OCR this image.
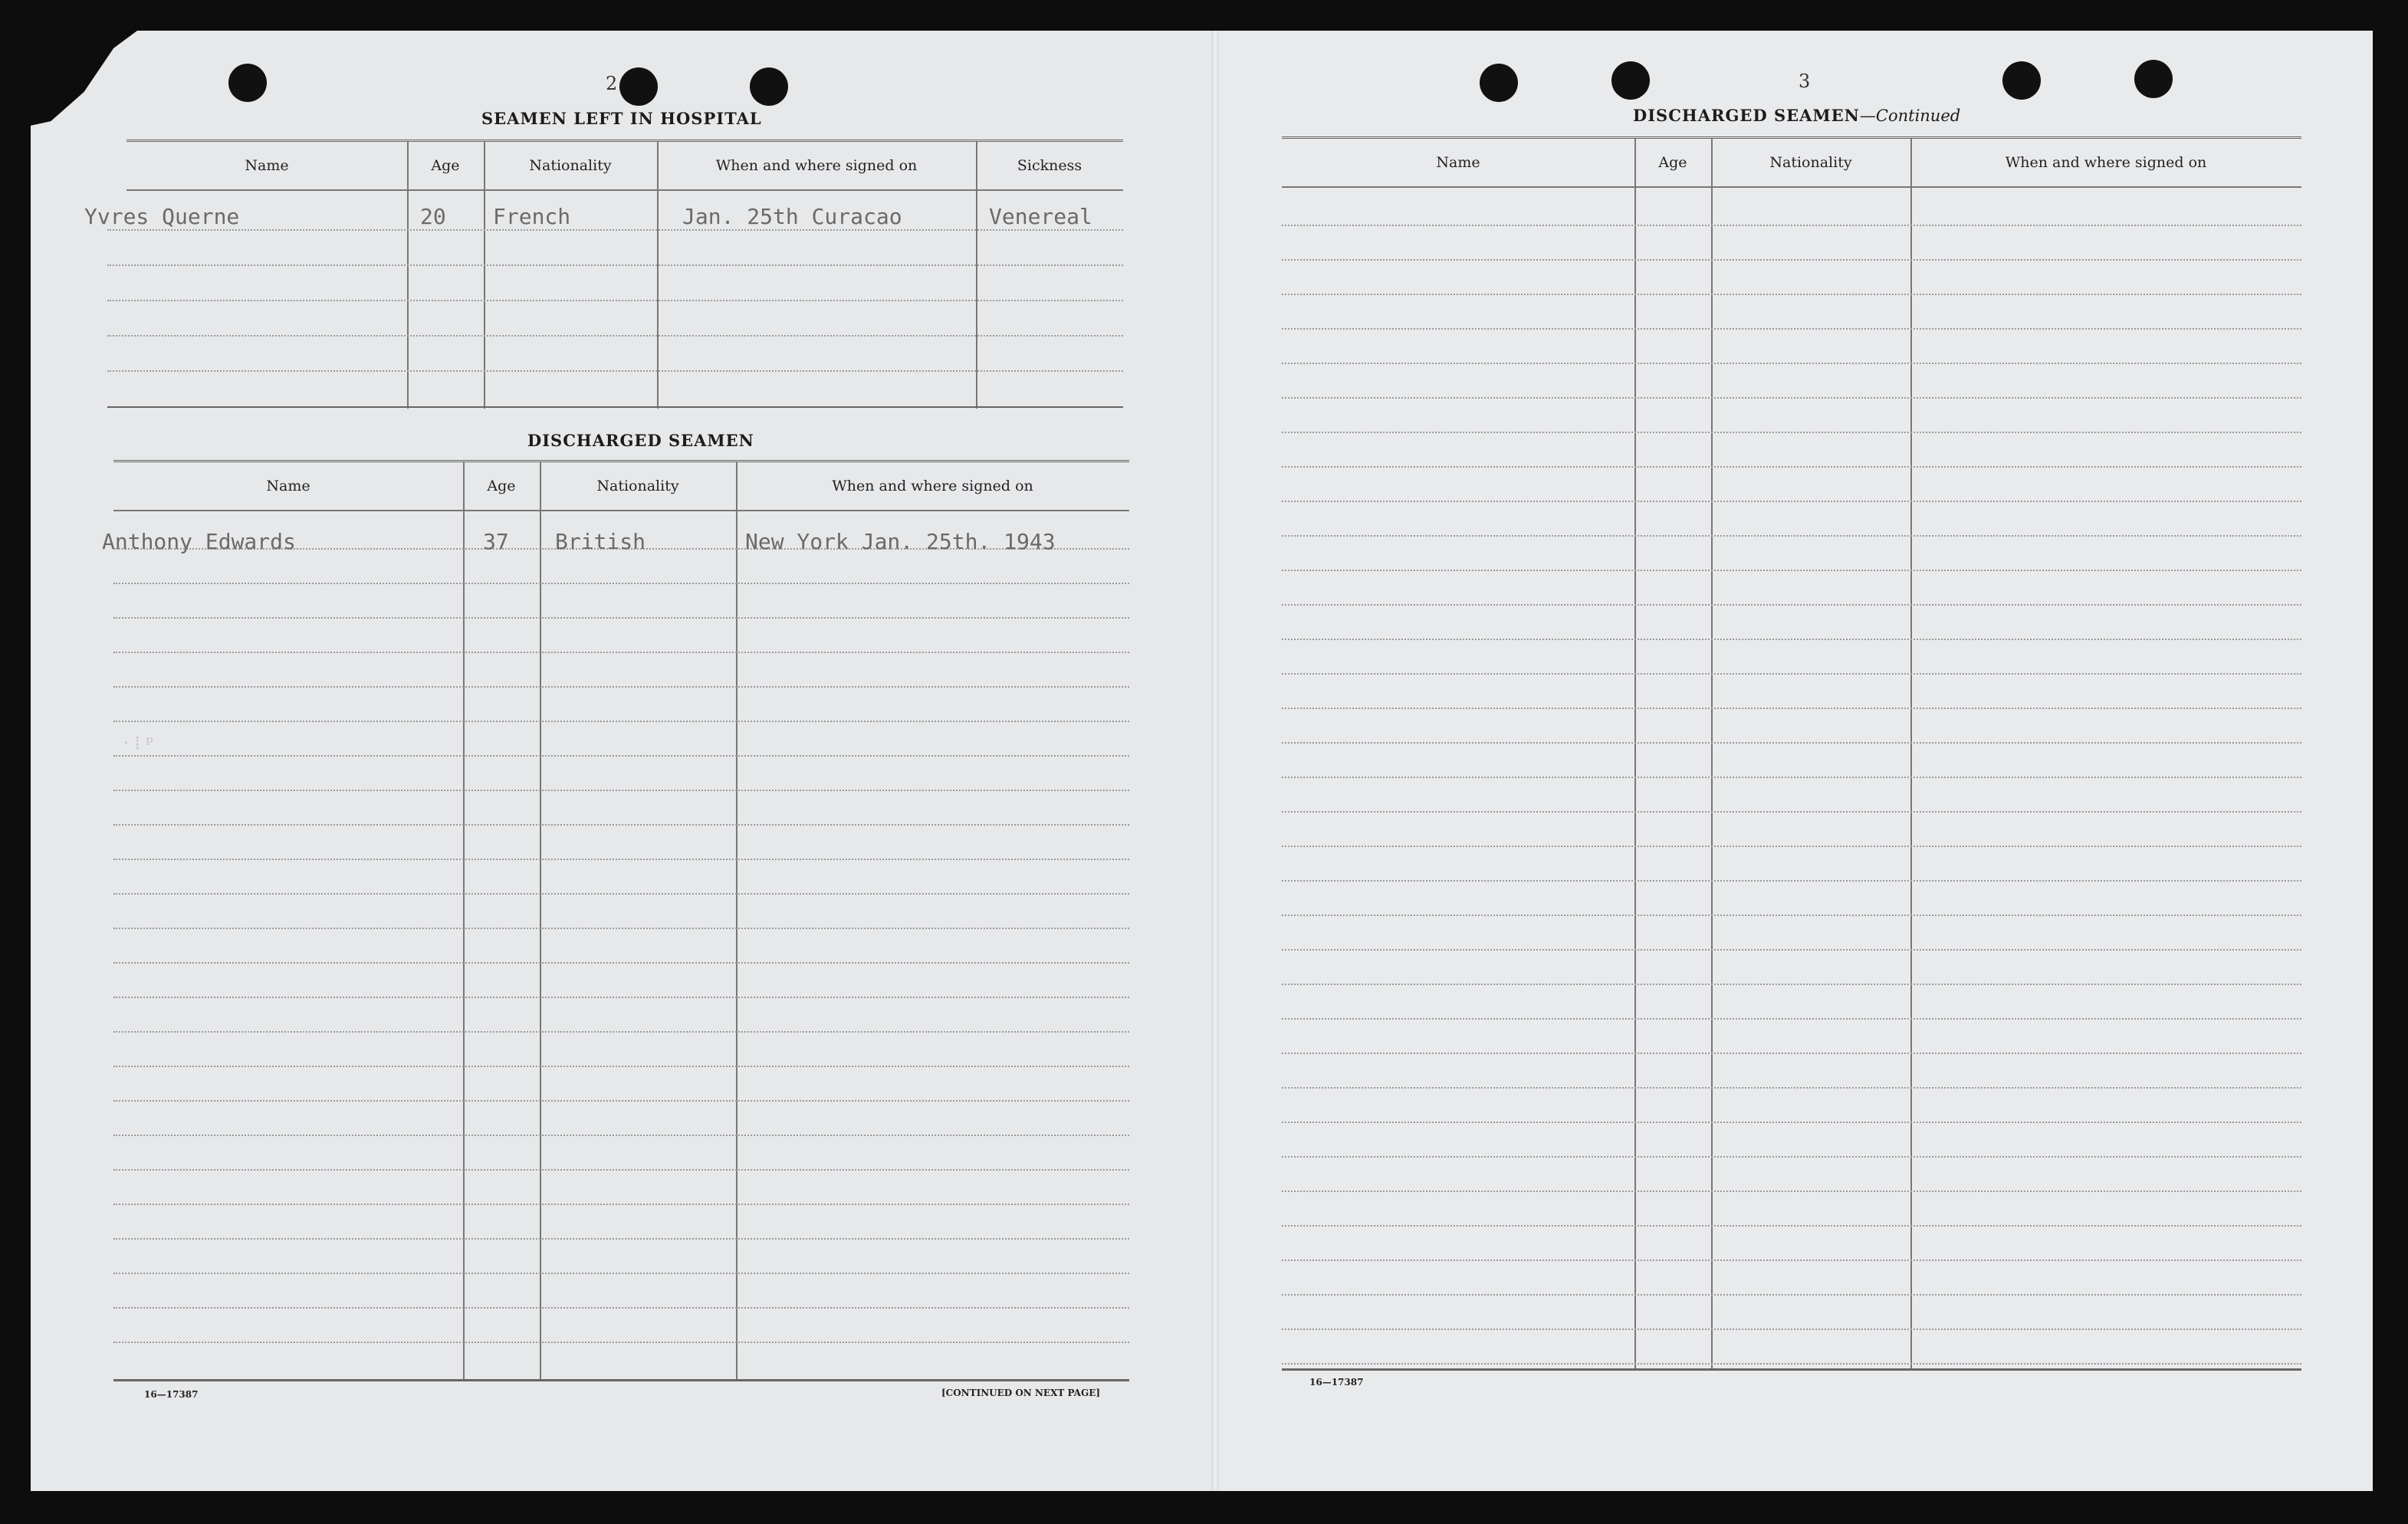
2
SEAMEN LEFT IN HOSPITAL
Name	Age	Nationality	When and where signed on	Sickness
Yvres Querne	20 French	Jan. 25th Curacao	Venereal
DISCHARGED SEAMEN
Name	Age	Nationality	When and where signed on
Anthony Edwards	37 British	New York Jan. 25th. 1943
⋅ ⁞ ᵖ
16—17387	[CONTINUED ON NEXT PAGE]
3
DISCHARGED SEAMEN—Continued
Name	Age	Nationality	When and where signed on
16—17387
